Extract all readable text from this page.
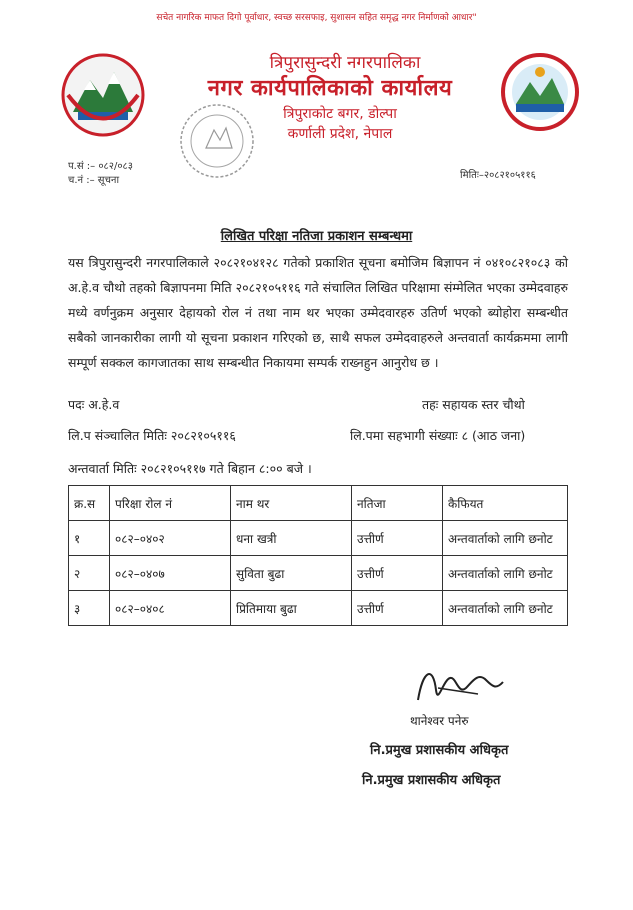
सचेत नागरिक माफत दिगो पूर्वाधार, स्वच्छ सरसफाइ, सुशासन सहित समृद्ध नगर निर्माणको आधार"
त्रिपुरासुन्दरी नगरपालिका
नगर कार्यपालिकाको कार्यालय
त्रिपुराकोट बगर, डोल्पा
कर्णाली प्रदेश, नेपाल
प.सं :– ०८२/०८३
च.नं :– सूचना	मितिः–२०८२१०५११६
लिखित परिक्षा नतिजा प्रकाशन सम्बन्धमा
यस त्रिपुरासुन्दरी नगरपालिकाले २०८२१०४१२८ गतेको प्रकाशित सूचना बमोजिम बिज्ञापन नं ०४१०८२१०८३ को अ.हे.व चौथो तहको बिज्ञापनमा मिति २०८२१०५११६ गते संचालित लिखित परिक्षामा संम्मेलित भएका उम्मेदवाहरु मध्ये वर्णनुक्रम अनुसार देहायको रोल नं तथा नाम थर भएका उम्मेदवारहरु उतिर्ण भएको ब्योहोरा सम्बन्धीत सबैको जानकारीका लागी यो सूचना प्रकाशन गरिएको छ, साथै सफल उम्मेदवाहरुले अन्तवार्ता कार्यक्रममा लागी सम्पूर्ण सक्कल कागजातका साथ सम्बन्धीत निकायमा सम्पर्क राख्नहुन आनुरोध छ ।
पदः अ.हे.व	तहः सहायक स्तर चौथो
लि.प संञ्चालित मितिः २०८२१०५११६	लि.पमा सहभागी संख्याः ८ (आठ जना)
अन्तवार्ता मितिः २०८२१०५११७ गते बिहान ८:०० बजे ।
क्र.स	परिक्षा रोल नं	नाम थर	नतिजा	कैफियत
१	०८२–०४०२	धना खत्री	उत्तीर्ण	अन्तवार्ताको लागि छनोट
२	०८२–०४०७	सुविता बुढा	उत्तीर्ण	अन्तवार्ताको लागि छनोट
३	०८२–०४०८	प्रितिमाया बुढा	उत्तीर्ण	अन्तवार्ताको लागि छनोट
थानेश्वर पनेरु
नि.प्रमुख प्रशासकीय अधिकृत
नि.प्रमुख प्रशासकीय अधिकृत
